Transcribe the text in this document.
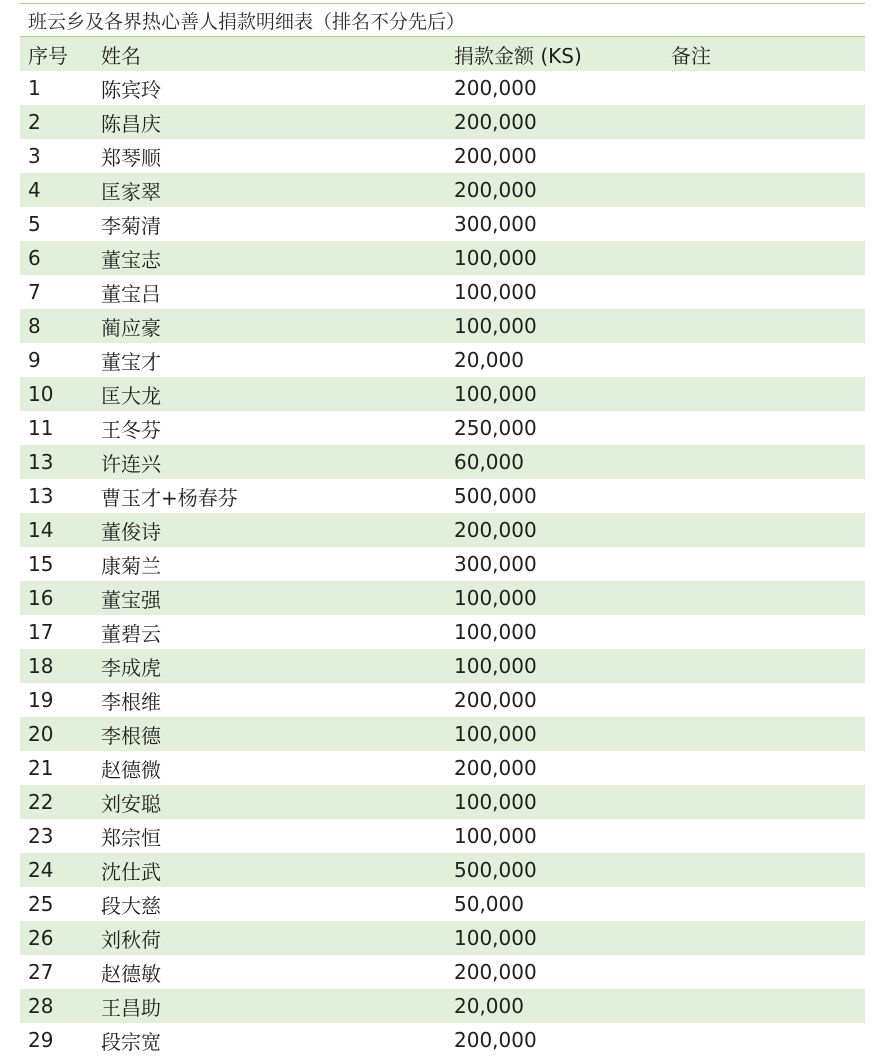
班云乡及各界热心善人捐款明细表（排名不分先后）
序号	姓名	捐款金额 (KS)	备注
1	陈宾玲	200,000
2	陈昌庆	200,000
3	郑琴顺	200,000
4	匡家翠	200,000
5	李菊清	300,000
6	董宝志	100,000
7	董宝吕	100,000
8	蔺应豪	100,000
9	董宝才	20,000
10	匡大龙	100,000
11	王冬芬	250,000
13	许连兴	60,000
13	曹玉才+杨春芬	500,000
14	董俊诗	200,000
15	康菊兰	300,000
16	董宝强	100,000
17	董碧云	100,000
18	李成虎	100,000
19	李根维	200,000
20	李根德	100,000
21	赵德微	200,000
22	刘安聪	100,000
23	郑宗恒	100,000
24	沈仕武	500,000
25	段大慈	50,000
26	刘秋荷	100,000
27	赵德敏	200,000
28	王昌助	20,000
29	段宗宽	200,000
